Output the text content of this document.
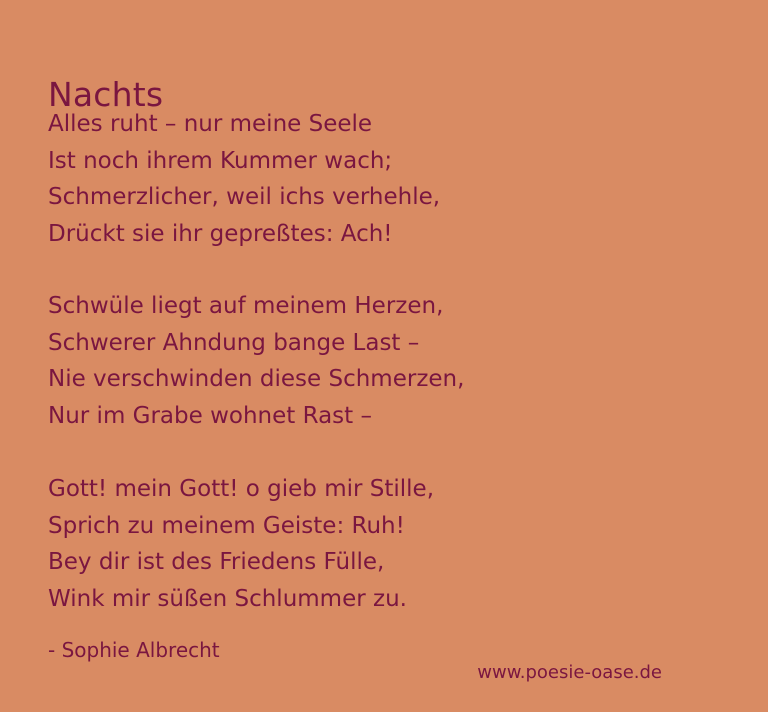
Nachts
Alles ruht – nur meine Seele
Ist noch ihrem Kummer wach;
Schmerzlicher, weil ichs verhehle,
Drückt sie ihr gepreßtes: Ach!
Schwüle liegt auf meinem Herzen,
Schwerer Ahndung bange Last –
Nie verschwinden diese Schmerzen,
Nur im Grabe wohnet Rast –
Gott! mein Gott! o gieb mir Stille,
Sprich zu meinem Geiste: Ruh!
Bey dir ist des Friedens Fülle,
Wink mir süßen Schlummer zu.
- Sophie Albrecht
www.poesie-oase.de
